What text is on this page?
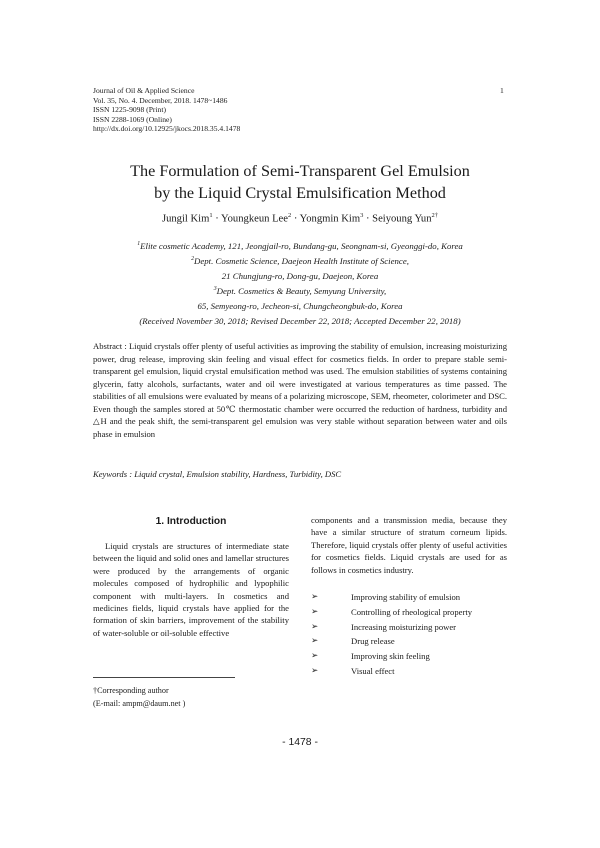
Journal of Oil & Applied Science
Vol. 35, No. 4. December, 2018. 1478~1486
ISSN 1225-9098 (Print)
ISSN 2288-1069 (Online)
http://dx.doi.org/10.12925/jkocs.2018.35.4.1478
1
The Formulation of Semi-Transparent Gel Emulsion
by the Liquid Crystal Emulsification Method
Jungil Kim$^1$ · Youngkeun Lee$^2$ · Yongmin Kim$^3$ · Seiyoung Yun$^{2\dagger}$
$^1$Elite cosmetic Academy, 121, Jeongjail-ro, Bundang-gu, Seongnam-si, Gyeonggi-do, Korea
$^2$Dept. Cosmetic Science, Daejeon Health Institute of Science,
21 Chungjung-ro, Dong-gu, Daejeon, Korea
$^3$Dept. Cosmetics & Beauty, Semyung University,
65, Semyeong-ro, Jecheon-si, Chungcheongbuk-do, Korea
(Received November 30, 2018; Revised December 22, 2018; Accepted December 22, 2018)
Abstract : Liquid crystals offer plenty of useful activities as improving the stability of emulsion, increasing moisturizing power, drug release, improving skin feeling and visual effect for cosmetics fields. In order to prepare stable semi-transparent gel emulsion, liquid crystal emulsification method was used. The emulsion stabilities of systems containing glycerin, fatty alcohols, surfactants, water and oil were investigated at various temperatures as time passed. The stabilities of all emulsions were evaluated by means of a polarizing microscope, SEM, rheometer, colorimeter and DSC. Even though the samples stored at 50℃ thermostatic chamber were occurred the reduction of hardness, turbidity and △H and the peak shift, the semi-transparent gel emulsion was very stable without separation between water and oils phase in emulsion
Keywords : Liquid crystal, Emulsion stability, Hardness, Turbidity, DSC
1. Introduction

Liquid crystals are structures of intermediate state between the liquid and solid ones and lamellar structures were produced by the arrangements of organic molecules composed of hydrophilic and lypophilic component with multi-layers. In cosmetics and medicines fields, liquid crystals have applied for the formation of skin barriers, improvement of the stability of water-soluble or oil-soluble effective

components and a transmission media, because they have a similar structure of stratum corneum lipids. Therefore, liquid crystals offer plenty of useful activities for cosmetics fields. Liquid crystals are used for as follows in cosmetics industry.

➢	Improving stability of emulsion
➢	Controlling of rheological property
➢	Increasing moisturizing power
➢	Drug release
➢	Improving skin feeling
➢	Visual effect
†Corresponding author
(E-mail: ampm@daum.net )
- 1478 -
